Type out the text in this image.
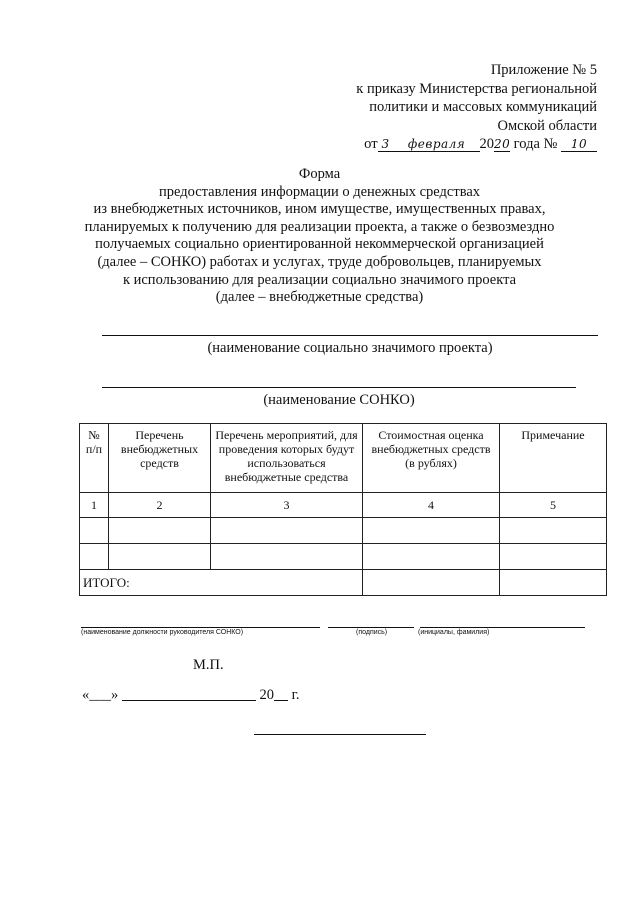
Приложение № 5
к приказу Министерства региональной
политики и массовых коммуникаций
Омской области
от 3 февраля 2020 года № 10
Форма
предоставления информации о денежных средствах
из внебюджетных источников, ином имуществе, имущественных правах,
планируемых к получению для реализации проекта, а также о безвозмездно
получаемых социально ориентированной некоммерческой организацией
(далее – СОНКО) работах и услугах, труде добровольцев, планируемых
к использованию для реализации социально значимого проекта
(далее – внебюджетные средства)
(наименование социально значимого проекта)
(наименование СОНКО)
№ п/п	Перечень внебюджетных средств	Перечень мероприятий, для проведения которых будут использоваться внебюджетные средства	Стоимостная оценка внебюджетных средств (в рублях)	Примечание
1	2	3	4	5

ИТОГО:				
(наименование должности руководителя СОНКО)	(подпись)	(инициалы, фамилия)
М.П.
«___»	20 г.
